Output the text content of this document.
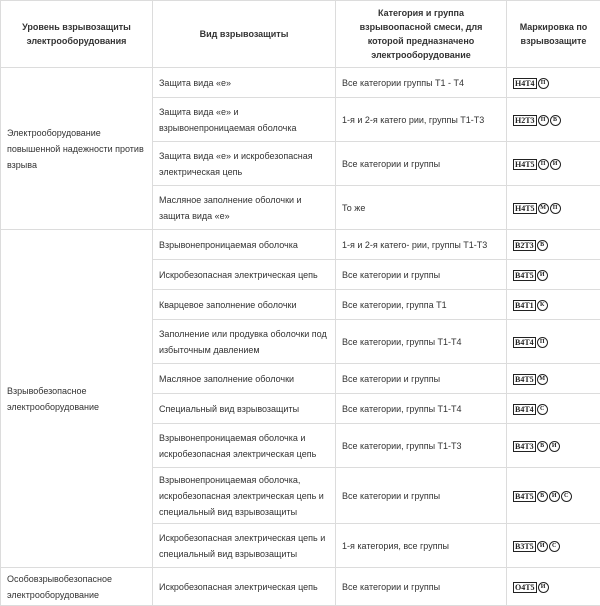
Уровень взрывозащиты электрооборудования	Вид взрывозащиты	Категория и группа взрывоопасной смеси, для которой предназначено электрооборудование	Маркировка по взрывозащите
Электрооборудование повышенной надежности против взрыва	Защита вида «е»	Все категории группы Т1 - Т4	Н4Т4 П

	Защита вида «е» и взрывонепроницаемая оболочка	1-я и 2-я катего рии, группы Т1-Т3	Н2Т3 П В

	Защита вида «е» и искробезопасная электрическая цепь	Все категории и группы	Н4Т5 П И

	Масляное заполнение оболочки и защита вида «е»	То же	Н4Т5 М П

Взрывобезопасное электрооборудование	Взрывонепроницаемая оболочка	1-я и 2-я катего- рии, группы Т1-Т3	В2Т3 В

	Искробезопасная электрическая цепь	Все категории и группы	В4Т5 И

	Кварцевое заполнение оболочки	Все категории, группа Т1	В4Т1 К

	Заполнение или продувка оболочки под избыточным давлением	Все категории, группы Т1-Т4	В4Т4 П

	Масляное заполнение оболочки	Все категории и группы	В4Т5 М

	Специальный вид взрывозащиты	Все категории, группы Т1-Т4	В4Т4 С

	Взрывонепроницаемая оболочка и искробезопасная электрическая цепь	Все категории, группы Т1-Т3	В4Т3 В И

	Взрывонепроницаемая оболочка, искробезопасная электрическая цепь и специальный вид взрывозащиты	Все категории и группы	В4Т5 В И С

	Искробезопасная электрическая цепь и специальный вид взрывозащиты	1-я категория, все группы	В3Т5 И С

Особовзрывобезопасное электрооборудование	Искробезопасная электрическая цепь	Все категории и группы	О4Т5 И
